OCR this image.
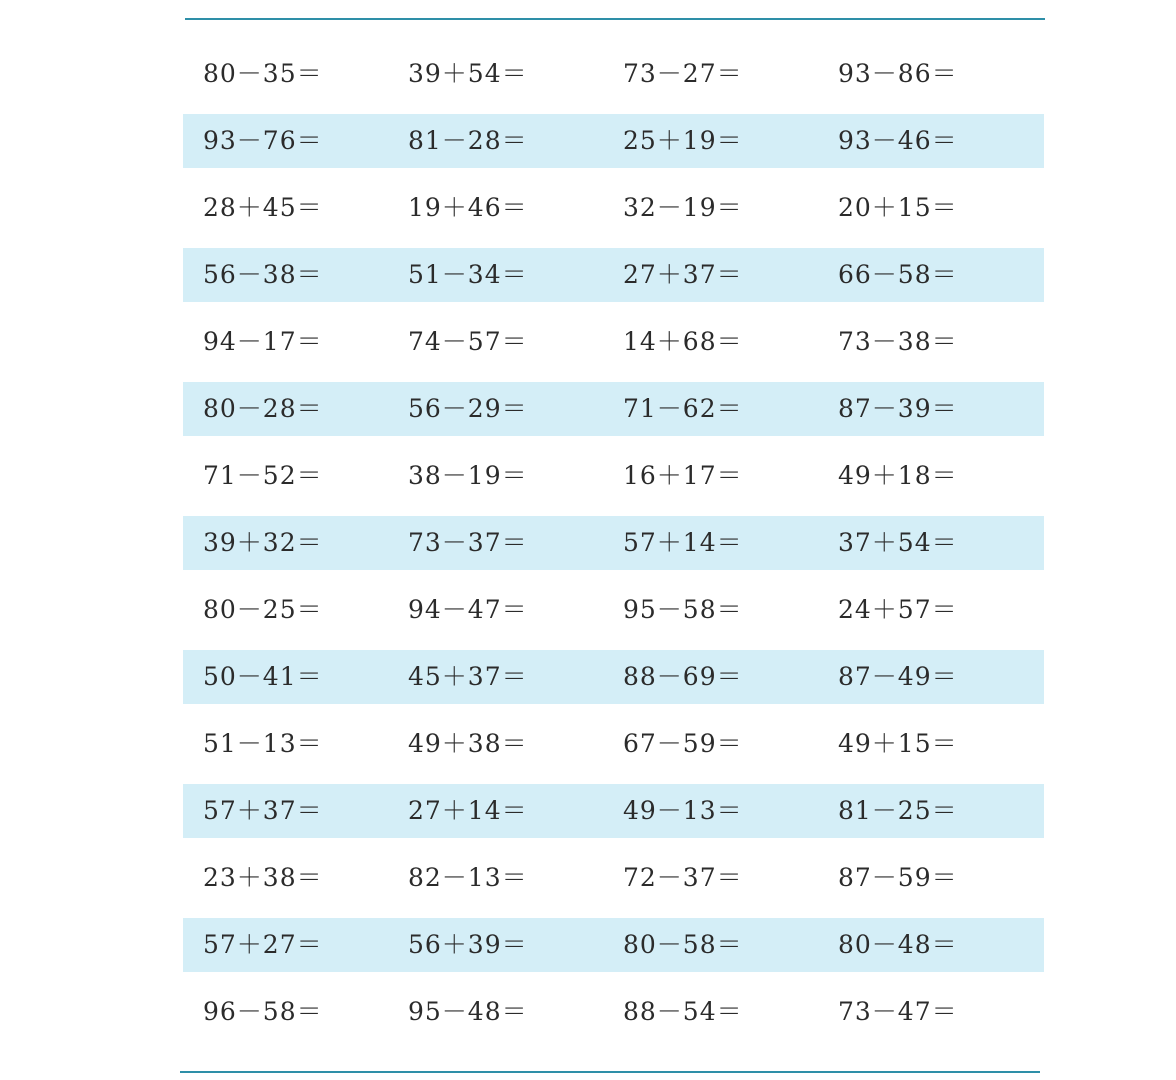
80－35＝	39＋54＝	73－27＝	93－86＝
93－76＝	81－28＝	25＋19＝	93－46＝
28＋45＝	19＋46＝	32－19＝	20＋15＝
56－38＝	51－34＝	27＋37＝	66－58＝
94－17＝	74－57＝	14＋68＝	73－38＝
80－28＝	56－29＝	71－62＝	87－39＝
71－52＝	38－19＝	16＋17＝	49＋18＝
39＋32＝	73－37＝	57＋14＝	37＋54＝
80－25＝	94－47＝	95－58＝	24＋57＝
50－41＝	45＋37＝	88－69＝	87－49＝
51－13＝	49＋38＝	67－59＝	49＋15＝
57＋37＝	27＋14＝	49－13＝	81－25＝
23＋38＝	82－13＝	72－37＝	87－59＝
57＋27＝	56＋39＝	80－58＝	80－48＝
96－58＝	95－48＝	88－54＝	73－47＝
